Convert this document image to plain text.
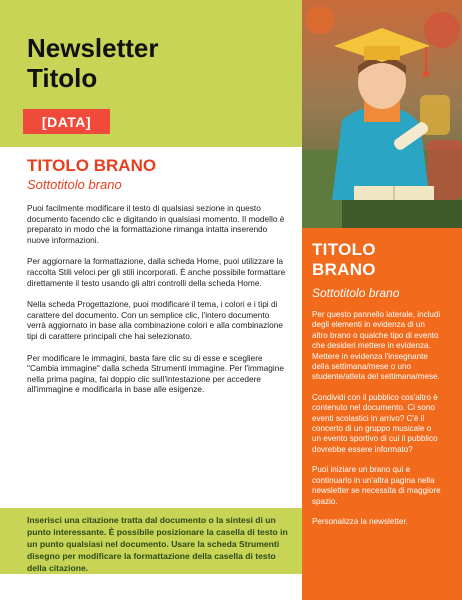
Newsletter
Titolo
[DATA]
TITOLO BRANO

Sottotitolo brano

Puoi facilmente modificare il testo di qualsiasi sezione in questo documento facendo clic e digitando in qualsiasi momento. Il modello è preparato in modo che la formattazione rimanga intatta inserendo nuove informazioni.

Per aggiornare la formattazione, dalla scheda Home, puoi utilizzare la raccolta Stili veloci per gli stili incorporati. È anche possibile formattare direttamente il testo usando gli altri controlli della scheda Home.

Nella scheda Progettazione, puoi modificare il tema, i colori e i tipi di carattere del documento. Con un semplice clic, l'intero documento verrà aggiornato in base alla combinazione colori e alla combinazione tipi di carattere principali che hai selezionato.

Per modificare le immagini, basta fare clic su di esse e scegliere "Cambia immagine" dalla scheda Strumenti immagine. Per l'immagine nella prima pagina, fai doppio clic sull'intestazione per accedere all'immagine e modificarla in base alle esigenze.

TITOLO
BRANO

Sottotitolo brano

Per questo pannello laterale, includi degli elementi in evidenza di un altro brano o qualche tipo di evento che desideri mettere in evidenza. Mettere in evidenza l'insegnante della settimana/mese o uno studente/atleta del settimana/mese.

Condividi con il pubblico cos'altro è contenuto nel documento. Ci sono eventi scolastici in arrivo? C'è il concerto di un gruppo musicale o un evento sportivo di cui il pubblico dovrebbe essere informato?

Puoi iniziare un brano qui e continuarlo in un'altra pagina nella newsletter se necessita di maggiore spazio.

Personalizza la newsletter.

Inserisci una citazione tratta dal documento o la sintesi di un punto interessante. È possibile posizionare la casella di testo in un punto qualsiasi nel documento. Usare la scheda Strumenti disegno per modificare la formattazione della casella di testo della citazione.
